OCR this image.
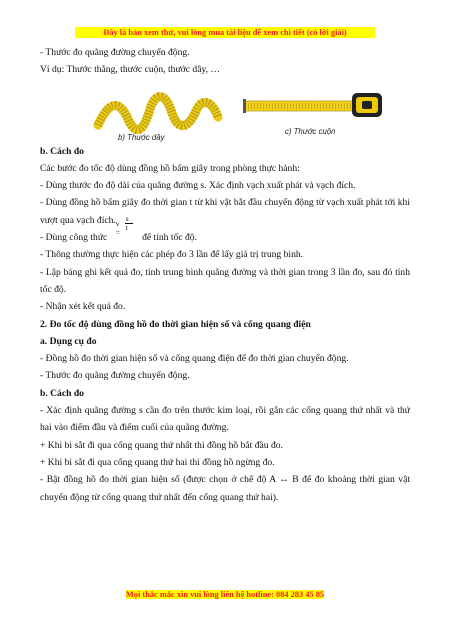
Đây là bản xem thử, vui lòng mua tài liệu để xem chi tiết (có lời giải)

- Thước đo quãng đường chuyển động.

Ví dụ: Thước thẳng, thước cuộn, thước dây, …

b) Thước dây
c) Thước cuộn

b. Cách đo

Các bước đo tốc độ dùng đồng hồ bấm giây trong phòng thực hành:

- Dùng thước đo độ dài của quãng đường s. Xác định vạch xuất phát và vạch đích.

- Dùng đồng hồ bấm giây đo thời gian t từ khi vật bắt đầu chuyển động từ vạch xuất phát tới khi vượt qua vạch đích.

- Dùng công thức
v =
s
t
để tính tốc độ.

- Thông thường thực hiện các phép đo 3 lần để lấy giá trị trung bình.

- Lập bảng ghi kết quả đo, tính trung bình quãng đường và thời gian trong 3 lần đo, sau đó tính tốc độ.

- Nhận xét kết quả đo.

2. Đo tốc độ dùng đồng hồ đo thời gian hiện số và cổng quang điện

a. Dụng cụ đo

- Đồng hồ đo thời gian hiện số và cổng quang điện để đo thời gian chuyển động.

- Thước đo quãng đường chuyển động.

b. Cách đo

- Xác định quãng đường s cần đo trên thước kim loại, rồi gắn các cổng quang thứ nhất và thứ hai vào điểm đầu và điểm cuối của quãng đường.

+ Khi bi sắt đi qua cổng quang thứ nhất thì đồng hồ bắt đầu đo.

+ Khi bi sắt đi qua cổng quang thứ hai thì đồng hồ ngừng đo.

- Bật đồng hồ đo thời gian hiện số (được chọn ở chế độ A ↔ B để đo khoảng thời gian vật chuyển động từ cổng quang thứ nhất đến cổng quang thứ hai).

Mọi thắc mắc xin vui lòng liên hệ hotline: 084 283 45 85
